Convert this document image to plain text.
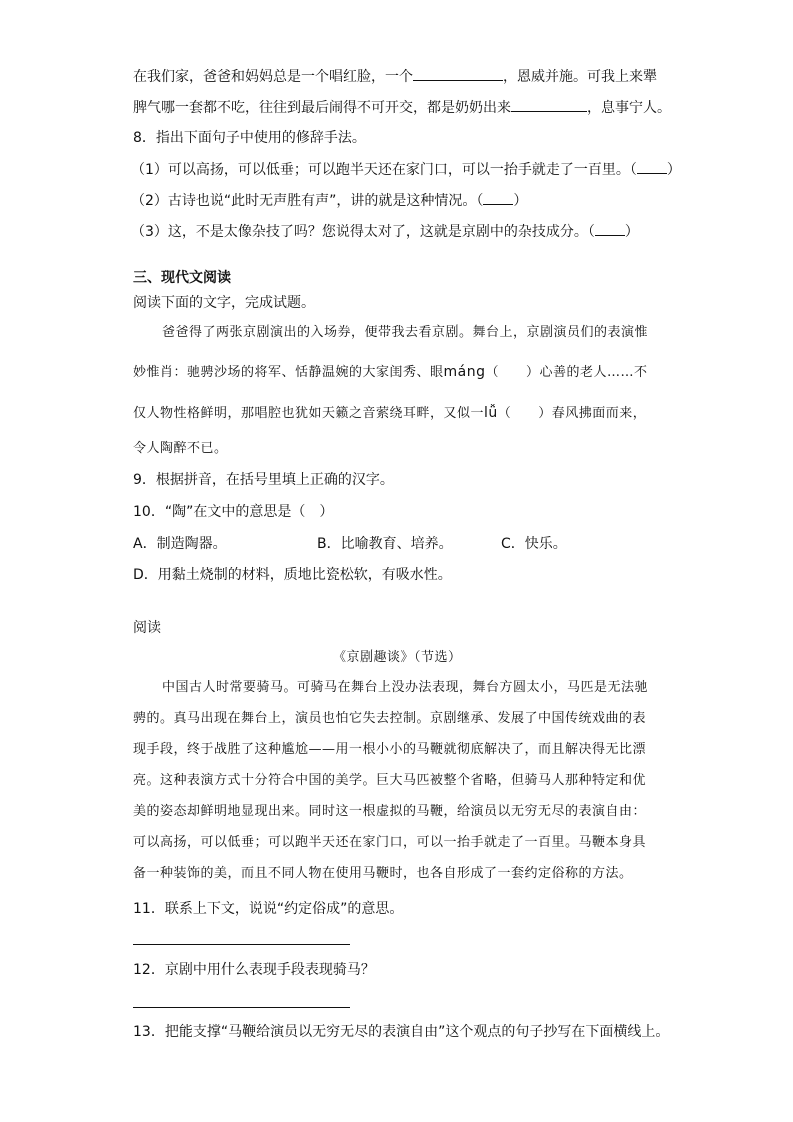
在我们家，爸爸和妈妈总是一个唱红脸，一个	，恩威并施。可我上来犟
脾气哪一套都不吃，往往到最后闹得不可开交，都是奶奶出来	，息事宁人。
8．指出下面句子中使用的修辞手法。
（1）可以高扬，可以低垂；可以跑半天还在家门口，可以一抬手就走了一百里。（ ）
（2）古诗也说“此时无声胜有声”，讲的就是这种情况。（ ）
（3）这，不是太像杂技了吗？您说得太对了，这就是京剧中的杂技成分。（ ）
三、现代文阅读
阅读下面的文字，完成试题。
爸爸得了两张京剧演出的入场券，便带我去看京剧。舞台上，京剧演员们的表演惟
妙惟肖：驰骋沙场的将军、恬静温婉的大家闺秀、眼máng（　　）心善的老人……不
仅人物性格鲜明，那唱腔也犹如天籁之音萦绕耳畔，又似一lǚ（　　）春风拂面而来，
令人陶醉不已。
9．根据拼音，在括号里填上正确的汉字。
10．“陶”在文中的意思是（　）
A．制造陶器。	B．比喻教育、培养。	C．快乐。
D．用黏土烧制的材料，质地比瓷松软，有吸水性。
阅读
《京剧趣谈》（节选）
中国古人时常要骑马。可骑马在舞台上没办法表现，舞台方圆太小，马匹是无法驰
骋的。真马出现在舞台上，演员也怕它失去控制。京剧继承、发展了中国传统戏曲的表
现手段，终于战胜了这种尴尬——用一根小小的马鞭就彻底解决了，而且解决得无比漂
亮。这种表演方式十分符合中国的美学。巨大马匹被整个省略，但骑马人那种特定和优
美的姿态却鲜明地显现出来。同时这一根虚拟的马鞭，给演员以无穷无尽的表演自由：
可以高扬，可以低垂；可以跑半天还在家门口，可以一抬手就走了一百里。马鞭本身具
备一种装饰的美，而且不同人物在使用马鞭时，也各自形成了一套约定俗称的方法。
11．联系上下文，说说“约定俗成”的意思。
12．京剧中用什么表现手段表现骑马？
13．把能支撑“马鞭给演员以无穷无尽的表演自由”这个观点的句子抄写在下面横线上。
